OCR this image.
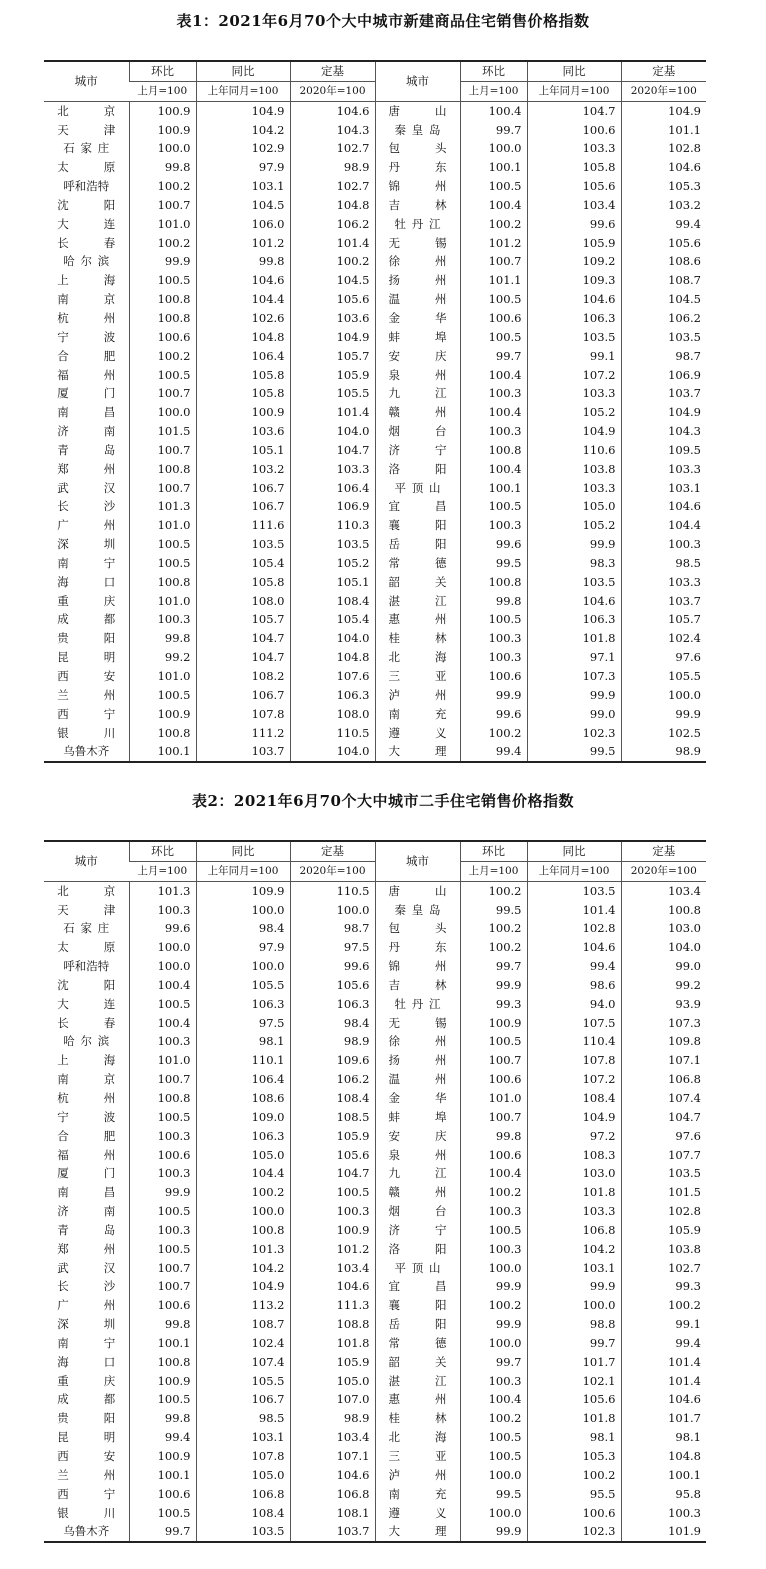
表1：2021年6月70个大中城市新建商品住宅销售价格指数
城市	环比	同比	定基	城市	环比	同比	定基
	上月=100	上年同月=100	2020年=100		上月=100	上年同月=100	2020年=100
北京	100.9	104.9	104.6	唐山	100.4	104.7	104.9
天津	100.9	104.2	104.3	秦皇岛	99.7	100.6	101.1
石家庄	100.0	102.9	102.7	包头	100.0	103.3	102.8
太原	99.8	97.9	98.9	丹东	100.1	105.8	104.6
呼和浩特	100.2	103.1	102.7	锦州	100.5	105.6	105.3
沈阳	100.7	104.5	104.8	吉林	100.4	103.4	103.2
大连	101.0	106.0	106.2	牡丹江	100.2	99.6	99.4
长春	100.2	101.2	101.4	无锡	101.2	105.9	105.6
哈尔滨	99.9	99.8	100.2	徐州	100.7	109.2	108.6
上海	100.5	104.6	104.5	扬州	101.1	109.3	108.7
南京	100.8	104.4	105.6	温州	100.5	104.6	104.5
杭州	100.8	102.6	103.6	金华	100.6	106.3	106.2
宁波	100.6	104.8	104.9	蚌埠	100.5	103.5	103.5
合肥	100.2	106.4	105.7	安庆	99.7	99.1	98.7
福州	100.5	105.8	105.9	泉州	100.4	107.2	106.9
厦门	100.7	105.8	105.5	九江	100.3	103.3	103.7
南昌	100.0	100.9	101.4	赣州	100.4	105.2	104.9
济南	101.5	103.6	104.0	烟台	100.3	104.9	104.3
青岛	100.7	105.1	104.7	济宁	100.8	110.6	109.5
郑州	100.8	103.2	103.3	洛阳	100.4	103.8	103.3
武汉	100.7	106.7	106.4	平顶山	100.1	103.3	103.1
长沙	101.3	106.7	106.9	宜昌	100.5	105.0	104.6
广州	101.0	111.6	110.3	襄阳	100.3	105.2	104.4
深圳	100.5	103.5	103.5	岳阳	99.6	99.9	100.3
南宁	100.5	105.4	105.2	常德	99.5	98.3	98.5
海口	100.8	105.8	105.1	韶关	100.8	103.5	103.3
重庆	101.0	108.0	108.4	湛江	99.8	104.6	103.7
成都	100.3	105.7	105.4	惠州	100.5	106.3	105.7
贵阳	99.8	104.7	104.0	桂林	100.3	101.8	102.4
昆明	99.2	104.7	104.8	北海	100.3	97.1	97.6
西安	101.0	108.2	107.6	三亚	100.6	107.3	105.5
兰州	100.5	106.7	106.3	泸州	99.9	99.9	100.0
西宁	100.9	107.8	108.0	南充	99.6	99.0	99.9
银川	100.8	111.2	110.5	遵义	100.2	102.3	102.5
乌鲁木齐	100.1	103.7	104.0	大理	99.4	99.5	98.9
表2：2021年6月70个大中城市二手住宅销售价格指数
城市	环比	同比	定基	城市	环比	同比	定基
	上月=100	上年同月=100	2020年=100		上月=100	上年同月=100	2020年=100
北京	101.3	109.9	110.5	唐山	100.2	103.5	103.4
天津	100.3	100.0	100.0	秦皇岛	99.5	101.4	100.8
石家庄	99.6	98.4	98.7	包头	100.2	102.8	103.0
太原	100.0	97.9	97.5	丹东	100.2	104.6	104.0
呼和浩特	100.0	100.0	99.6	锦州	99.7	99.4	99.0
沈阳	100.4	105.5	105.6	吉林	99.9	98.6	99.2
大连	100.5	106.3	106.3	牡丹江	99.3	94.0	93.9
长春	100.4	97.5	98.4	无锡	100.9	107.5	107.3
哈尔滨	100.3	98.1	98.9	徐州	100.5	110.4	109.8
上海	101.0	110.1	109.6	扬州	100.7	107.8	107.1
南京	100.7	106.4	106.2	温州	100.6	107.2	106.8
杭州	100.8	108.6	108.4	金华	101.0	108.4	107.4
宁波	100.5	109.0	108.5	蚌埠	100.7	104.9	104.7
合肥	100.3	106.3	105.9	安庆	99.8	97.2	97.6
福州	100.6	105.0	105.6	泉州	100.6	108.3	107.7
厦门	100.3	104.4	104.7	九江	100.4	103.0	103.5
南昌	99.9	100.2	100.5	赣州	100.2	101.8	101.5
济南	100.5	100.0	100.3	烟台	100.3	103.3	102.8
青岛	100.3	100.8	100.9	济宁	100.5	106.8	105.9
郑州	100.5	101.3	101.2	洛阳	100.3	104.2	103.8
武汉	100.7	104.2	103.4	平顶山	100.0	103.1	102.7
长沙	100.7	104.9	104.6	宜昌	99.9	99.9	99.3
广州	100.6	113.2	111.3	襄阳	100.2	100.0	100.2
深圳	99.8	108.7	108.8	岳阳	99.9	98.8	99.1
南宁	100.1	102.4	101.8	常德	100.0	99.7	99.4
海口	100.8	107.4	105.9	韶关	99.7	101.7	101.4
重庆	100.9	105.5	105.0	湛江	100.3	102.1	101.4
成都	100.5	106.7	107.0	惠州	100.4	105.6	104.6
贵阳	99.8	98.5	98.9	桂林	100.2	101.8	101.7
昆明	99.4	103.1	103.4	北海	100.5	98.1	98.1
西安	100.9	107.8	107.1	三亚	100.5	105.3	104.8
兰州	100.1	105.0	104.6	泸州	100.0	100.2	100.1
西宁	100.6	106.8	106.8	南充	99.5	95.5	95.8
银川	100.5	108.4	108.1	遵义	100.0	100.6	100.3
乌鲁木齐	99.7	103.5	103.7	大理	99.9	102.3	101.9
